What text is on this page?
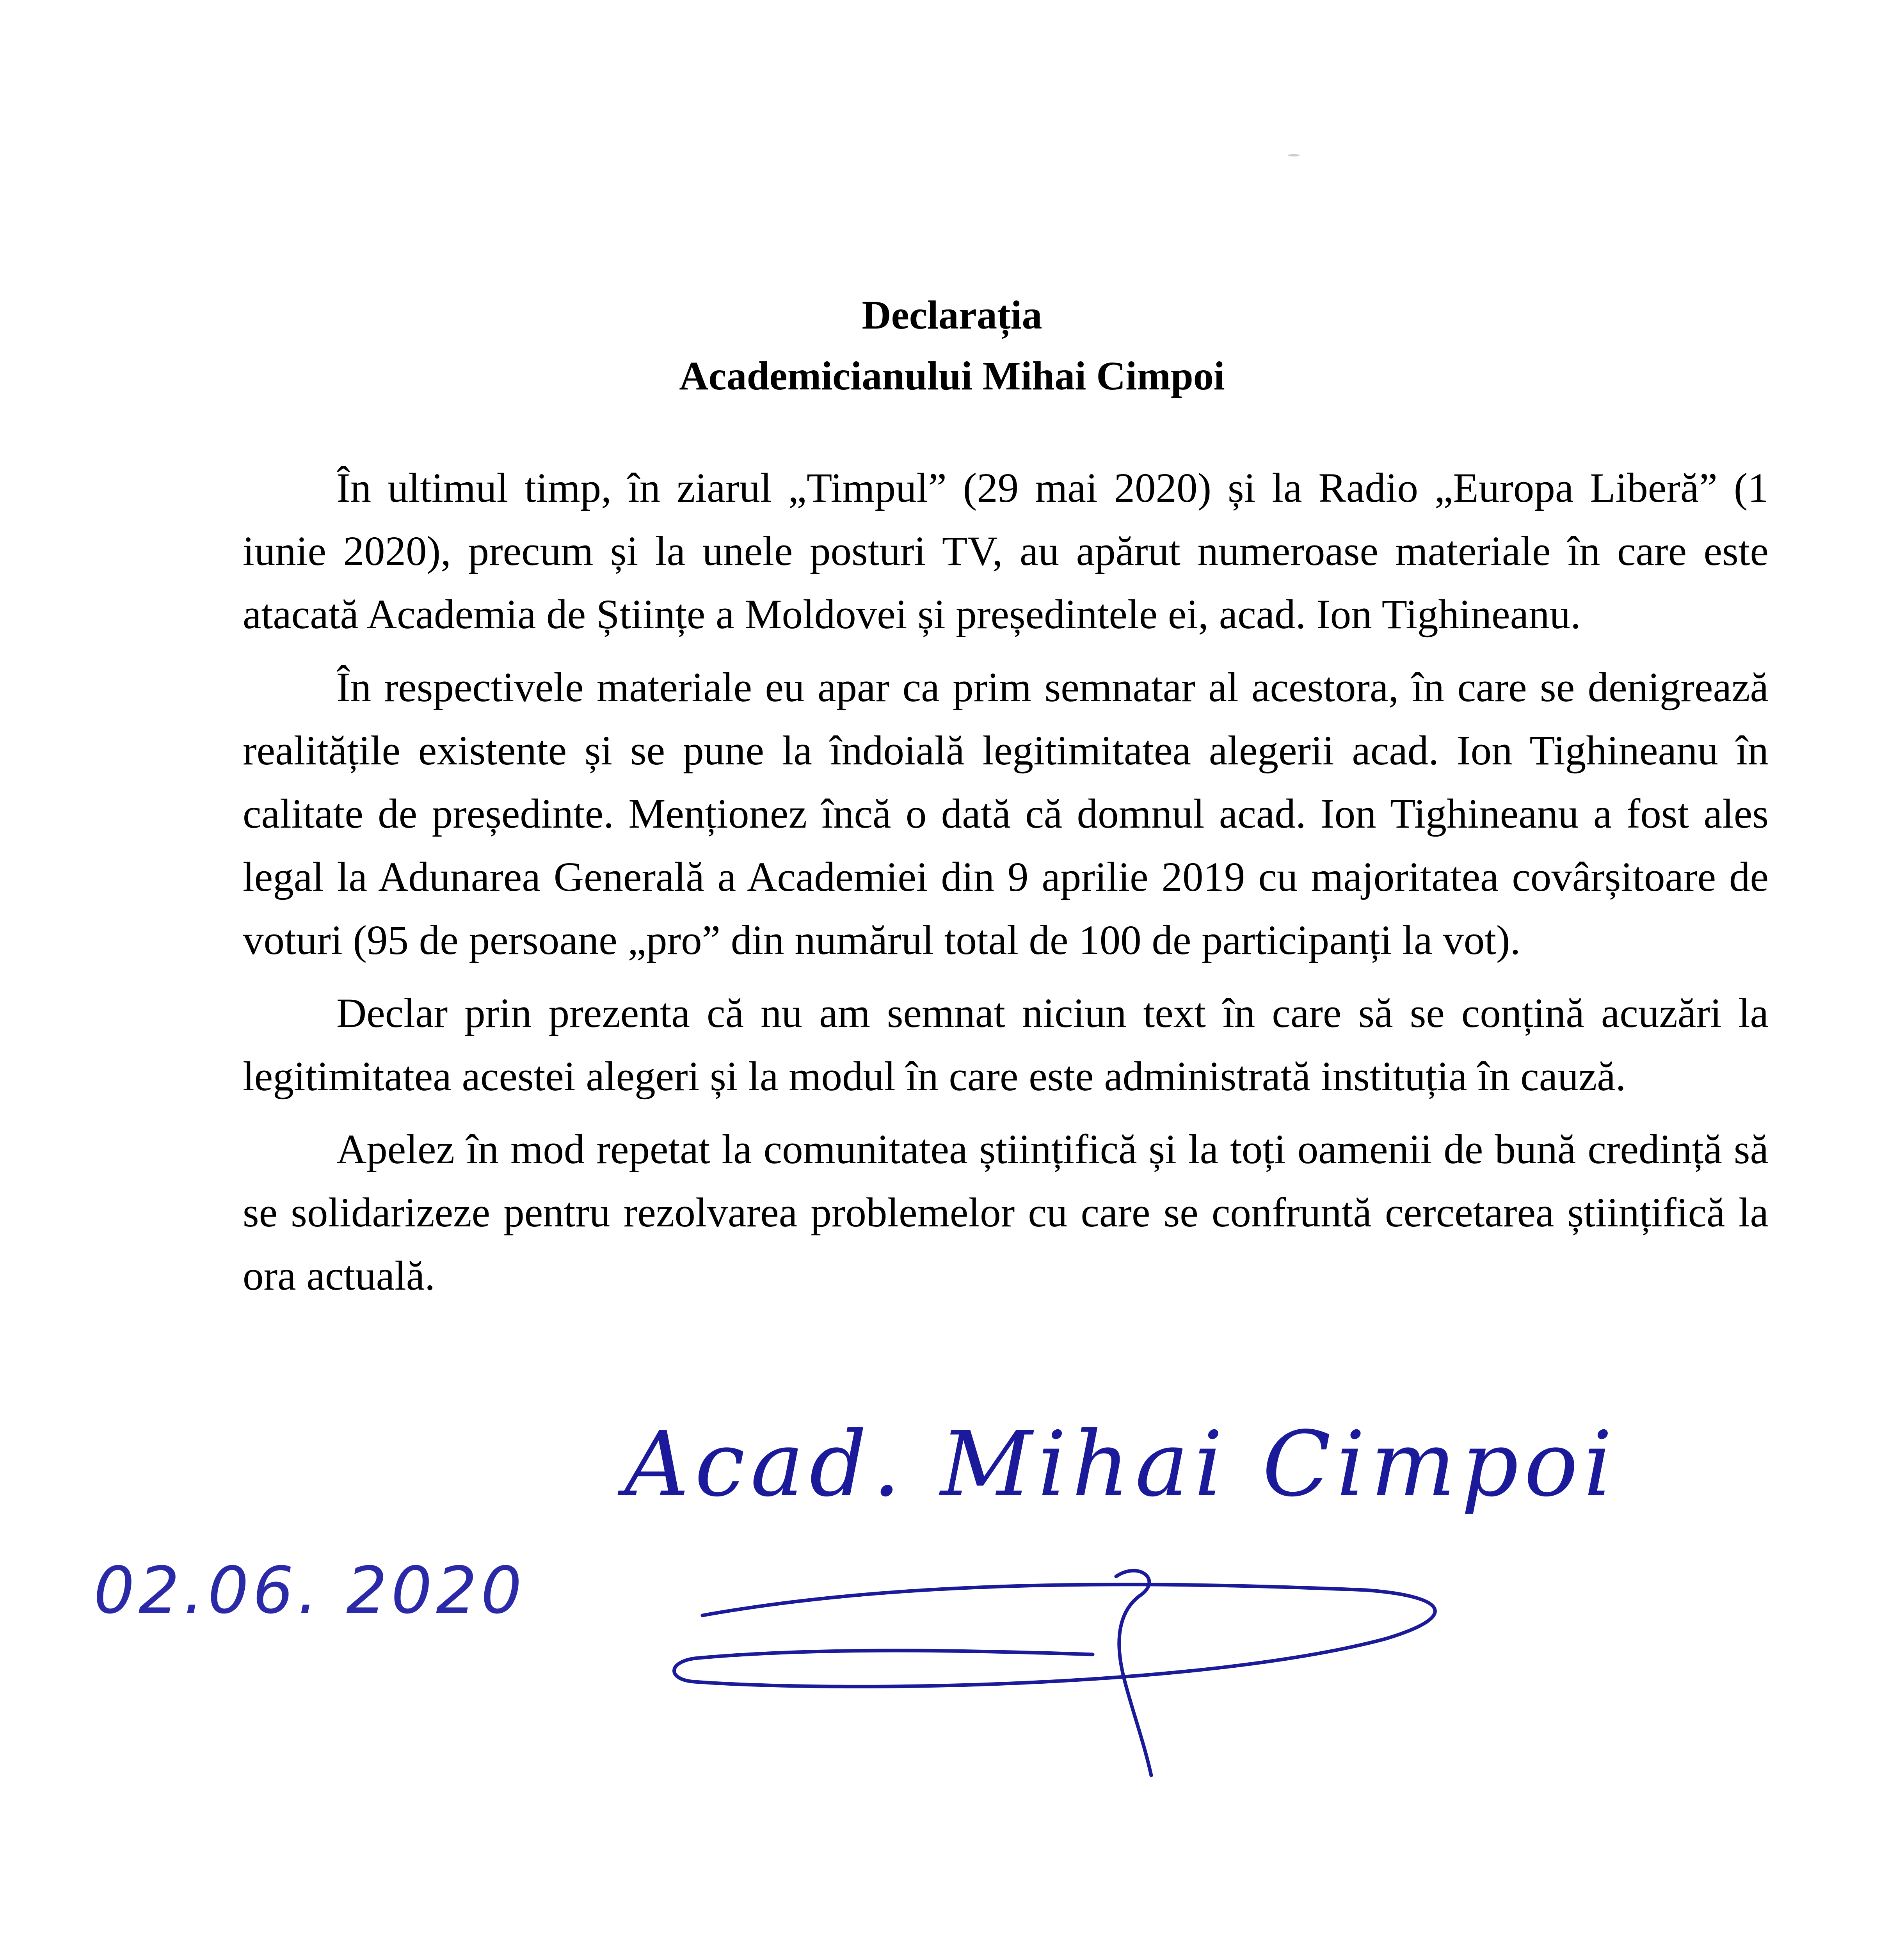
Declarația
Academicianului Mihai Cimpoi

În ultimul timp, în ziarul „Timpul” (29 mai 2020) și la Radio „Europa Liberă” (1 iunie 2020), precum și la unele posturi TV, au apărut numeroase materiale în care este atacată Academia de Științe a Moldovei și președintele ei, acad. Ion Tighineanu.

În respectivele materiale eu apar ca prim semnatar al acestora, în care se denigrează realitățile existente și se pune la îndoială legitimitatea alegerii acad. Ion Tighineanu în calitate de președinte. Menționez încă o dată că domnul acad. Ion Tighineanu a fost ales legal la Adunarea Generală a Academiei din 9 aprilie 2019 cu majoritatea covârșitoare de voturi (95 de persoane „pro” din numărul total de 100 de participanți la vot).

Declar prin prezenta că nu am semnat niciun text în care să se conțină acuzări la legitimitatea acestei alegeri și la modul în care este administrată instituția în cauză.

Apelez în mod repetat la comunitatea științifică și la toți oamenii de bună credință să se solidarizeze pentru rezolvarea problemelor cu care se confruntă cercetarea științifică la ora actuală.

Acad. Mihai Cimpoi
02.06. 2020
